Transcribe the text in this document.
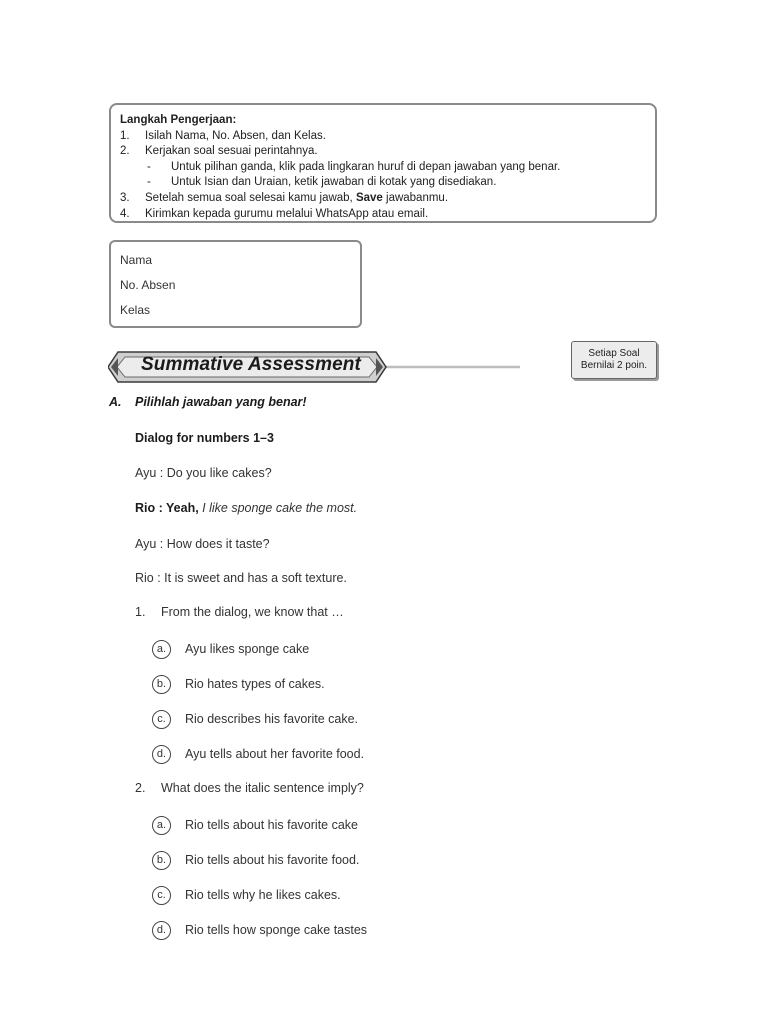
Langkah Pengerjaan:
1. Isilah Nama, No. Absen, dan Kelas.
2. Kerjakan soal sesuai perintahnya.
- Untuk pilihan ganda, klik pada lingkaran huruf di depan jawaban yang benar.
- Untuk Isian dan Uraian, ketik jawaban di kotak yang disediakan.
3. Setelah semua soal selesai kamu jawab, Save jawabanmu.
4. Kirimkan kepada gurumu melalui WhatsApp atau email.
Nama
No. Absen
Kelas
Summative Assessment
Setiap Soal
Bernilai 2 poin.
A. Pilihlah jawaban yang benar!
Dialog for numbers 1–3
Ayu : Do you like cakes?
Rio : Yeah, I like sponge cake the most.
Ayu : How does it taste?
Rio : It is sweet and has a soft texture.
1. From the dialog, we know that …
a.	Ayu likes sponge cake
b.	Rio hates types of cakes.
c.	Rio describes his favorite cake.
d.	Ayu tells about her favorite food.
2. What does the italic sentence imply?
a.	Rio tells about his favorite cake
b.	Rio tells about his favorite food.
c.	Rio tells why he likes cakes.
d.	Rio tells how sponge cake tastes
